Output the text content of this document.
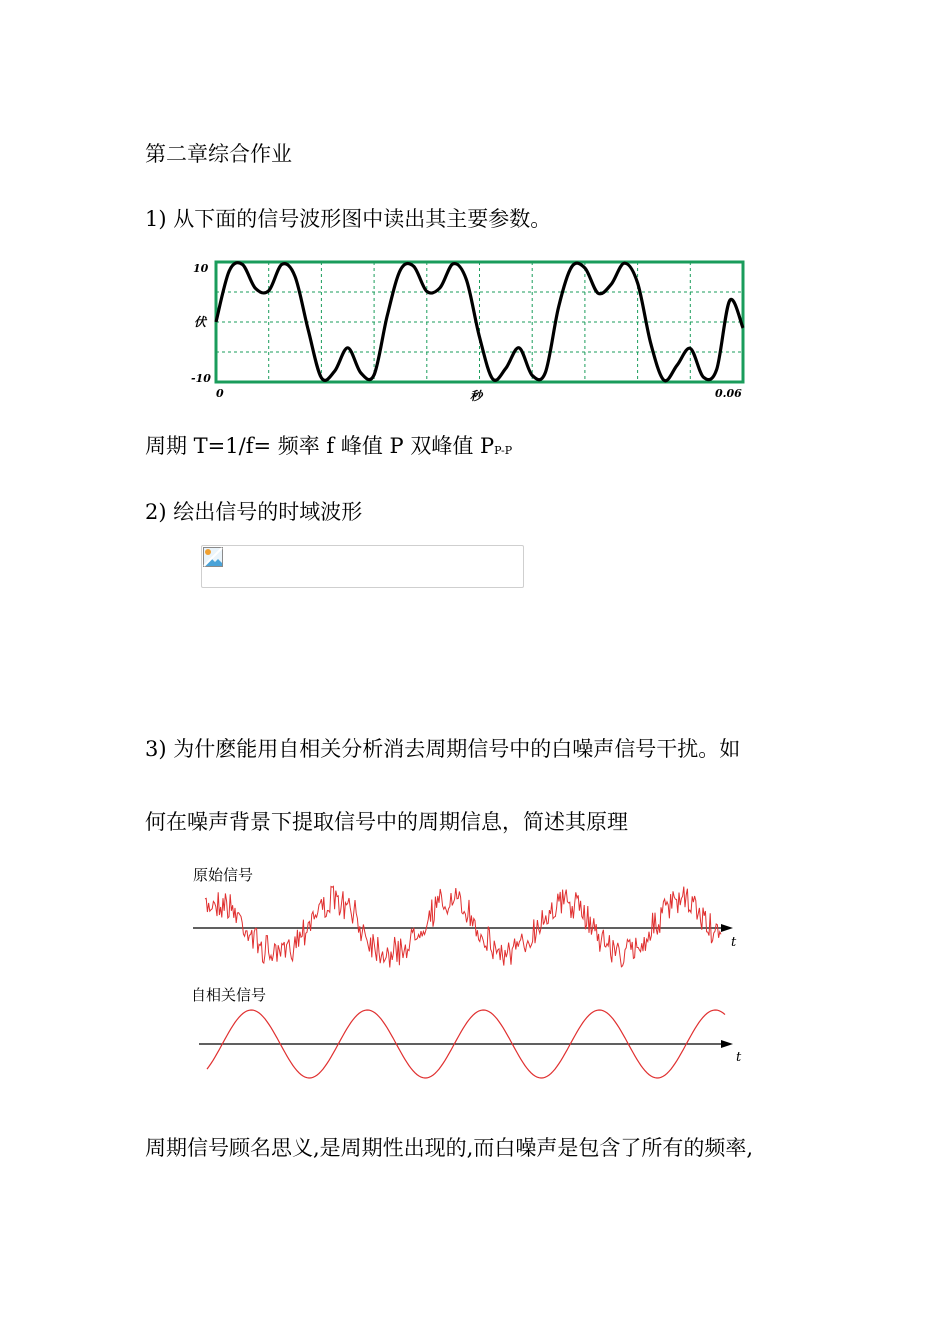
第二章综合作业
1) 从下面的信号波形图中读出其主要参数。
10
伏
-10
0	秒	0.06
周期 T=1/f= 频率 f 峰值 P 双峰值 $P_{P-P}$
2) 绘出信号的时域波形
3) 为什麽能用自相关分析消去周期信号中的白噪声信号干扰。如
何在噪声背景下提取信号中的周期信息，简述其原理
原始信号
t
自相关信号
t
周期信号顾名思义,是周期性出现的,而白噪声是包含了所有的频率,
